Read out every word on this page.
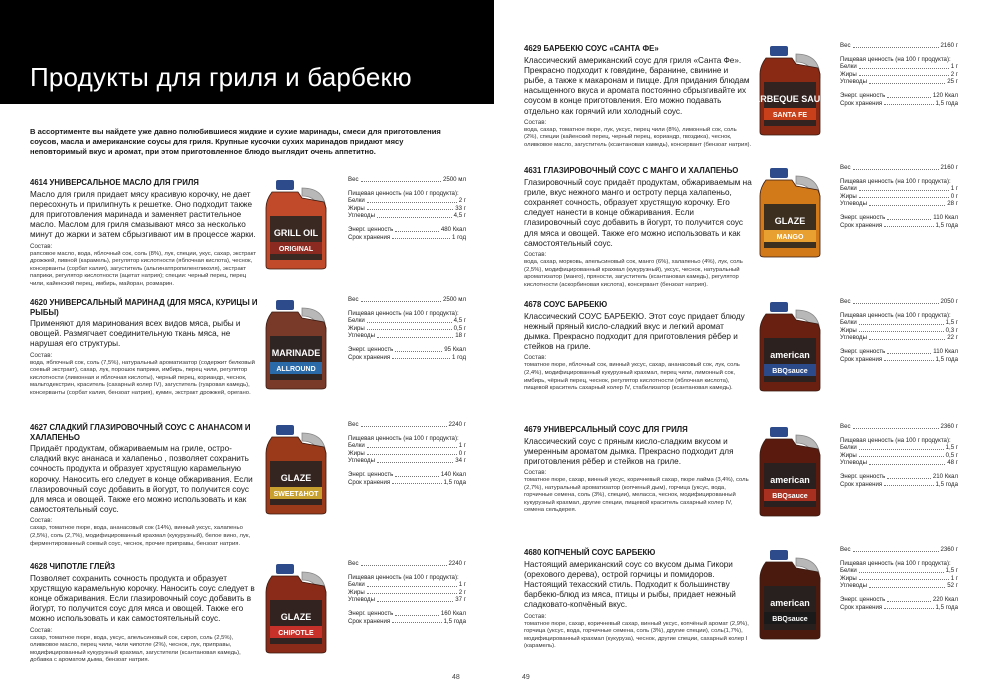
Продукты для гриля и барбекю
В ассортименте вы найдете уже давно полюбившиеся жидкие и сухие маринады, смеси для приготовления соусов, масла и американские соусы для гриля. Крупные кусочки сухих маринадов придают мясу неповторимый вкус и аромат, при этом приготовленное блюдо выглядит очень аппетитно.
48
4614 УНИВЕРСАЛЬНОЕ МАСЛО ДЛЯ ГРИЛЯ
Масло для гриля придает мясу красивую корочку, не дает пересохнуть и прилипнуть к решетке. Оно подходит также для приготовления маринада и заменяет растительное масло. Маслом для гриля смазывают мясо за несколько минут до жарки и затем сбрызгивают им в процессе жарки.
Состав:
рапсовое масло, вода, яблочный сок, соль (8%), лук, специи, укус, сахар, экстракт дрожжей, пивной (карамель), регулятор кислотности (яблочная кислота), чеснок, консерванты (сорбат калия), загуститель (альгинатпропиленгликоля), экстракт паприки, регулятор кислотности (ацетат натрия); специи: черный перец, перец чили, кайенский перец, имбирь, майоран, розмарин.
GRILL OIL
ORIGINAL
Вес	2500 мл
Пищевая ценность (на 100 г продукта):
Белки	2 г
Жиры	33 г
Углеводы	4,5 г
Энерг. ценность	480 Ккал
Срок хранения	1 год
4620 УНИВЕРСАЛЬНЫЙ МАРИНАД (ДЛЯ МЯСА, КУРИЦЫ И РЫБЫ)
Применяют для маринования всех видов мяса, рыбы и овощей. Размягчает соединительную ткань мяса, не нарушая его структуры.
Состав:
вода, яблочный сок, соль (7,5%), натуральный ароматизатор (содержит белковый соевый экстракт), сахар, лук, порошок паприки, имбирь, перец чили, регулятор кислотности (лимонная и яблочная кислоты), черный перец, кориандр, чеснок, мальтодекстрин, краситель (сахарный колер IV), загуститель (гуаровая камедь), консерванты (сорбат калия, бензоат натрия), кумин, экстракт дрожжей, орегано.
MARINADE
ALLROUND
Вес	2500 мл
Пищевая ценность (на 100 г продукта):
Белки	4,5 г
Жиры	0,5 г
Углеводы	18 г
Энерг. ценность	95 Ккал
Срок хранения	1 год
4627 СЛАДКИЙ ГЛАЗИРОВОЧНЫЙ СОУС С АНАНАСОМ И ХАЛАПЕНЬО
Придаёт продуктам, обжариваемым на гриле, остро-сладкий вкус ананаса и халапеньо , позволяет сохранить сочность продукта и образует хрустящую карамельную корочку. Наносить его следует в конце обжаривания. Если глазировочный соус добавить в йогурт, то получится соус для мяса и овощей. Также его можно использовать и как самостоятельный соус.
Состав:
сахар, томатное пюре, вода, ананасовый сок (14%), винный уксус, халапеньо (2,5%), соль (2,7%), модифицированный крахмал (кукурузный), белое вино, лук, ферментированный соевый соус, чеснок, прочие приправы, бензоат натрия.
GLAZE
SWEET&HOT
Вес	2240 г
Пищевая ценность (на 100 г продукта):
Белки	1 г
Жиры	0 г
Углеводы	34 г
Энерг. ценность	140 Ккал
Срок хранения	1,5 года
4628 ЧИПОТЛЕ ГЛЕЙЗ
Позволяет сохранить сочность продукта и образует хрустящую карамельную корочку. Наносить соус следует в конце обжаривания. Если глазировочный соус добавить в йогурт, то получится соус для мяса и овощей. Также его можно использовать и как самостоятельный соус.
Состав:
сахар, томатное пюре, вода, уксус, апельсиновый сок, сироп, соль (2,5%), оливковое масло, перец чили, чили чипотле (2%), чеснок, лук, приправы, модифицированный кукурузный крахмал, загустители (ксантановая камедь), добавка с ароматом дыма, бензоат натрия.
GLAZE
CHIPOTLE
Вес	2240 г
Пищевая ценность (на 100 г продукта):
Белки	1 г
Жиры	2 г
Углеводы	37 г
Энерг. ценность	160 Ккал
Срок хранения	1,5 года
49
4629 БАРБЕКЮ СОУС «САНТА ФЕ»
Классический американский соус для гриля «Санта Фе». Прекрасно подходит к говядине, баранине, свинине и рыбе, а также к макаронам и пицце. Для придания блюдам насыщенного вкуса и аромата постоянно сбрызгивайте их соусом в конце приготовления. Его можно подавать отдельно как горячий или холодный соус.
Состав:
вода, сахар, томатное пюре, лук, уксус, перец чили (8%), лимонный сок, соль (2%), специи (кайенский перец, черный перец, кориандр, гвоздика), чеснок, оливковое масло, загуститель (ксантановая камедь), консервант (бензоат натрия).
BARBEQUE SAUCE
SANTA FE
Вес	2160 г
Пищевая ценность (на 100 г продукта):
Белки	1 г
Жиры	2 г
Углеводы	25 г
Энерг. ценность	120 Ккал
Срок хранения	1,5 года
4631 ГЛАЗИРОВОЧНЫЙ СОУС С МАНГО И ХАЛАПЕНЬО
Глазировочный соус придаёт продуктам, обжариваемым на гриле, вкус нежного манго и остроту перца халапеньо, сохраняет сочность, образует хрустящую корочку. Его следует нанести в конце обжаривания. Если глазировочный соус добавить в йогурт, то получится соус для мяса и овощей. Также его можно использовать и как самостоятельный соус.
Состав:
вода, сахар, морковь, апельсиновый сок, манго (6%), халапеньо (4%), лук, соль (2,5%), модифицированный крахмал (кукурузный), уксус, чеснок, натуральный ароматизатор (манго), пряности, загуститель (ксантановая камедь), регулятор кислотности (аскорбиновая кислота), консервант (бензоат натрия).
GLAZE
MANGO
Вес	2160 г
Пищевая ценность (на 100 г продукта):
Белки	1 г
Жиры	0 г
Углеводы	28 г
Энерг. ценность	110 Ккал
Срок хранения	1,5 года
4678 СОУС БАРБЕКЮ
Классический СОУС БАРБЕКЮ. Этот соус придает блюду нежный пряный кисло-сладкий вкус и легкий аромат дымка. Прекрасно подходит для приготовления рёбер и стейков на гриле.
Состав:
томатное пюре, яблочный сок, винный уксус, сахар, ананасовый сок, лук, соль (2,4%), модифицированный кукурузный крахмал, перец чили, лимонный сок, имбирь, чёрный перец, чеснок, регулятор кислотности (яблочная кислота), пищевой краситель сахарный колер IV, стабилизатор (ксантановая камедь).
american
BBQsauce
Вес	2050 г
Пищевая ценность (на 100 г продукта):
Белки	1,5 г
Жиры	0,3 г
Углеводы	22 г
Энерг. ценность	110 Ккал
Срок хранения	1,5 года
4679 УНИВЕРСАЛЬНЫЙ СОУС ДЛЯ ГРИЛЯ
Классический соус с пряным кисло-сладким вкусом и умеренным ароматом дымка. Прекрасно подходит для приготовления рёбер и стейков на гриле.
Состав:
томатное пюре, сахар, винный уксус, коричневый сахар, пюре лайма (3,4%), соль (2,7%), натуральный ароматизатор (копченый дым), горчица (уксус, вода, горчичные семена, соль (3%), специи), меласса, чеснок, модифицированный кукурузный крахмал, другие специи, пищевой краситель сахарный колер IV, семена сельдерея.
american
BBQsauce
Вес	2360 г
Пищевая ценность (на 100 г продукта):
Белки	1,5 г
Жиры	0,5 г
Углеводы	48 г
Энерг. ценность	210 Ккал
Срок хранения	1,5 года
4680 КОПЧЕНЫЙ СОУС БАРБЕКЮ
Настоящий американский соус со вкусом дыма Гикори (орехового дерева), острой горчицы и помидоров. Настоящий техасский стиль. Подходит к большинству барбекю-блюд из мяса, птицы и рыбы, придает нежный сладковато-копчёный вкус.
Состав:
томатное пюре, сахар, коричневый сахар, винный уксус, копчёный аромат (2,9%), горчица (уксус, вода, горчичные семена, соль (3%), другие специи), соль(1,7%), модифицированный крахмал (кукуруза), чеснок, другие специи, сахарный колер I (карамель).
american
BBQsauce
Вес	2360 г
Пищевая ценность (на 100 г продукта):
Белки	1,5 г
Жиры	1 г
Углеводы	52 г
Энерг. ценность	220 Ккал
Срок хранения	1,5 года
